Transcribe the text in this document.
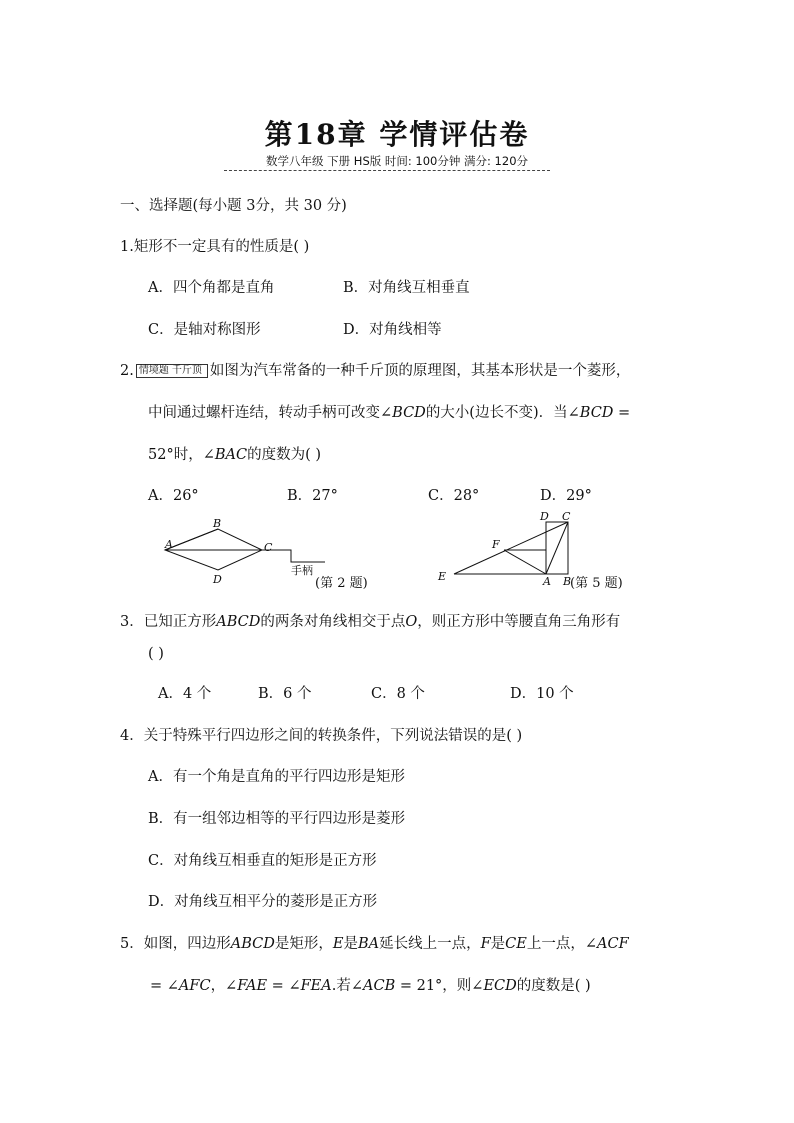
第18章 学情评估卷
数学八年级 下册 HS版 时间: 100分钟 满分: 120分
一、选择题(每小题 3分，共 30 分)
1.矩形不一定具有的性质是( )
A．四个角都是直角	B．对角线互相垂直
C．是轴对称图形	D．对角线相等
2. 情境题 千斤顶 如图为汽车常备的一种千斤顶的原理图，其基本形状是一个菱形，
中间通过螺杆连结，转动手柄可改变∠BCD的大小(边长不变)．当∠BCD =
52°时，∠BAC的度数为( )
A．26°	B．27°	C．28°	D．29°
A
B
C
D
手柄
(第 2 题)
D C
F
E	A B
(第 5 题)
3．已知正方形ABCD的两条对角线相交于点O，则正方形中等腰直角三角形有
( )
A．4 个	B．6 个	C．8 个	D．10 个
4．关于特殊平行四边形之间的转换条件，下列说法错误的是( )
A．有一个角是直角的平行四边形是矩形
B．有一组邻边相等的平行四边形是菱形
C．对角线互相垂直的矩形是正方形
D．对角线互相平分的菱形是正方形
5．如图，四边形ABCD是矩形，E是BA延长线上一点，F是CE上一点，∠ACF
= ∠AFC，∠FAE = ∠FEA.若∠ACB = 21°，则∠ECD的度数是( )
